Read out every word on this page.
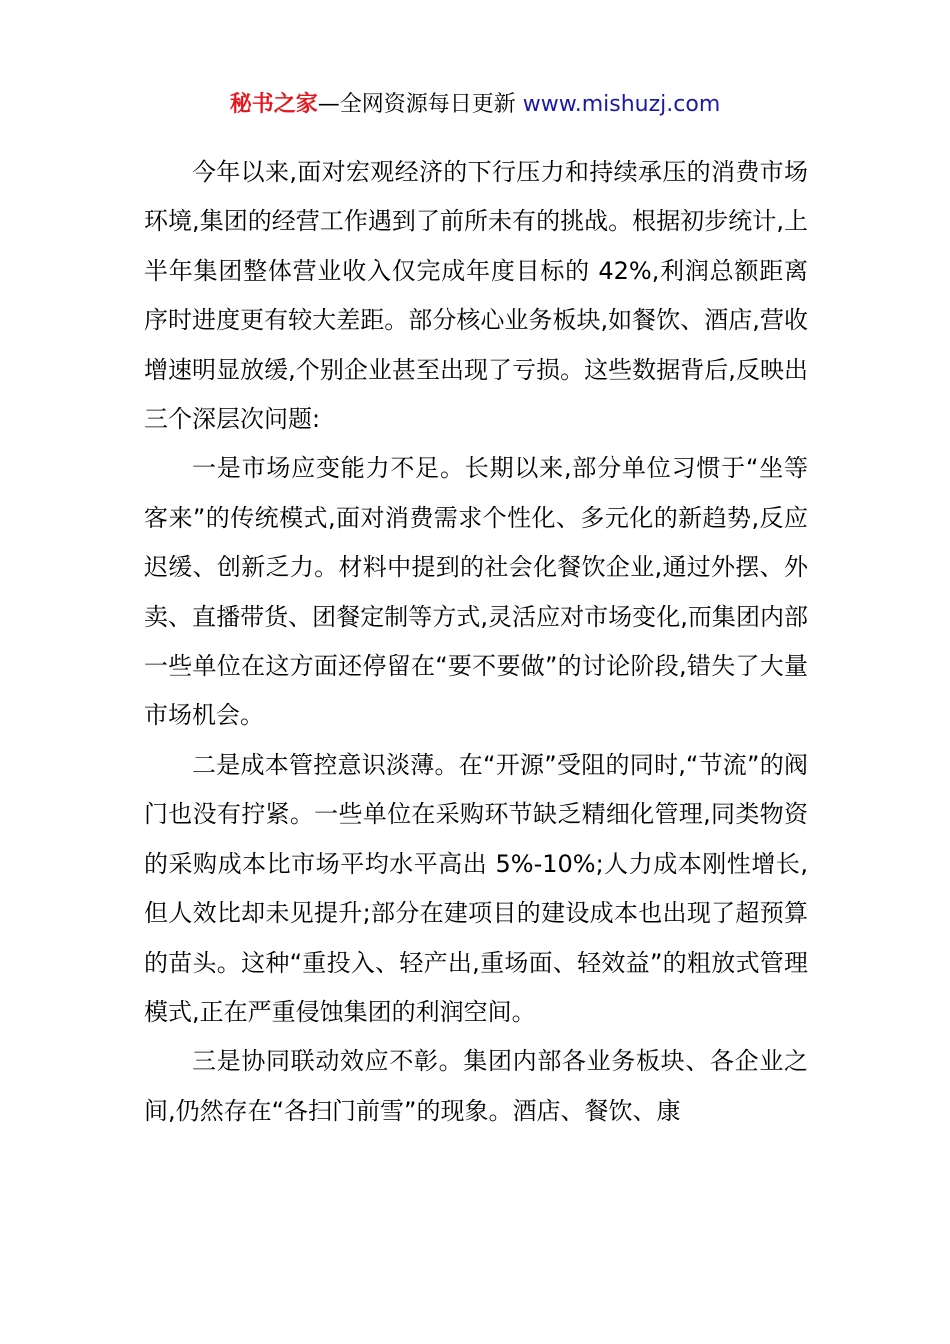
秘书之家—全网资源每日更新 www.mishuzj.com

今年以来,面对宏观经济的下行压力和持续承压的消费市场环境,集团的经营工作遇到了前所未有的挑战。根据初步统计,上半年集团整体营业收入仅完成年度目标的 42%,利润总额距离序时进度更有较大差距。部分核心业务板块,如餐饮、酒店,营收增速明显放缓,个别企业甚至出现了亏损。这些数据背后,反映出三个深层次问题:

一是市场应变能力不足。长期以来,部分单位习惯于“坐等客来”的传统模式,面对消费需求个性化、多元化的新趋势,反应迟缓、创新乏力。材料中提到的社会化餐饮企业,通过外摆、外卖、直播带货、团餐定制等方式,灵活应对市场变化,而集团内部一些单位在这方面还停留在“要不要做”的讨论阶段,错失了大量市场机会。

二是成本管控意识淡薄。在“开源”受阻的同时,“节流”的阀门也没有拧紧。一些单位在采购环节缺乏精细化管理,同类物资的采购成本比市场平均水平高出 5%-10%;人力成本刚性增长,但人效比却未见提升;部分在建项目的建设成本也出现了超预算的苗头。这种“重投入、轻产出,重场面、轻效益”的粗放式管理模式,正在严重侵蚀集团的利润空间。

三是协同联动效应不彰。集团内部各业务板块、各企业之间,仍然存在“各扫门前雪”的现象。酒店、餐饮、康
